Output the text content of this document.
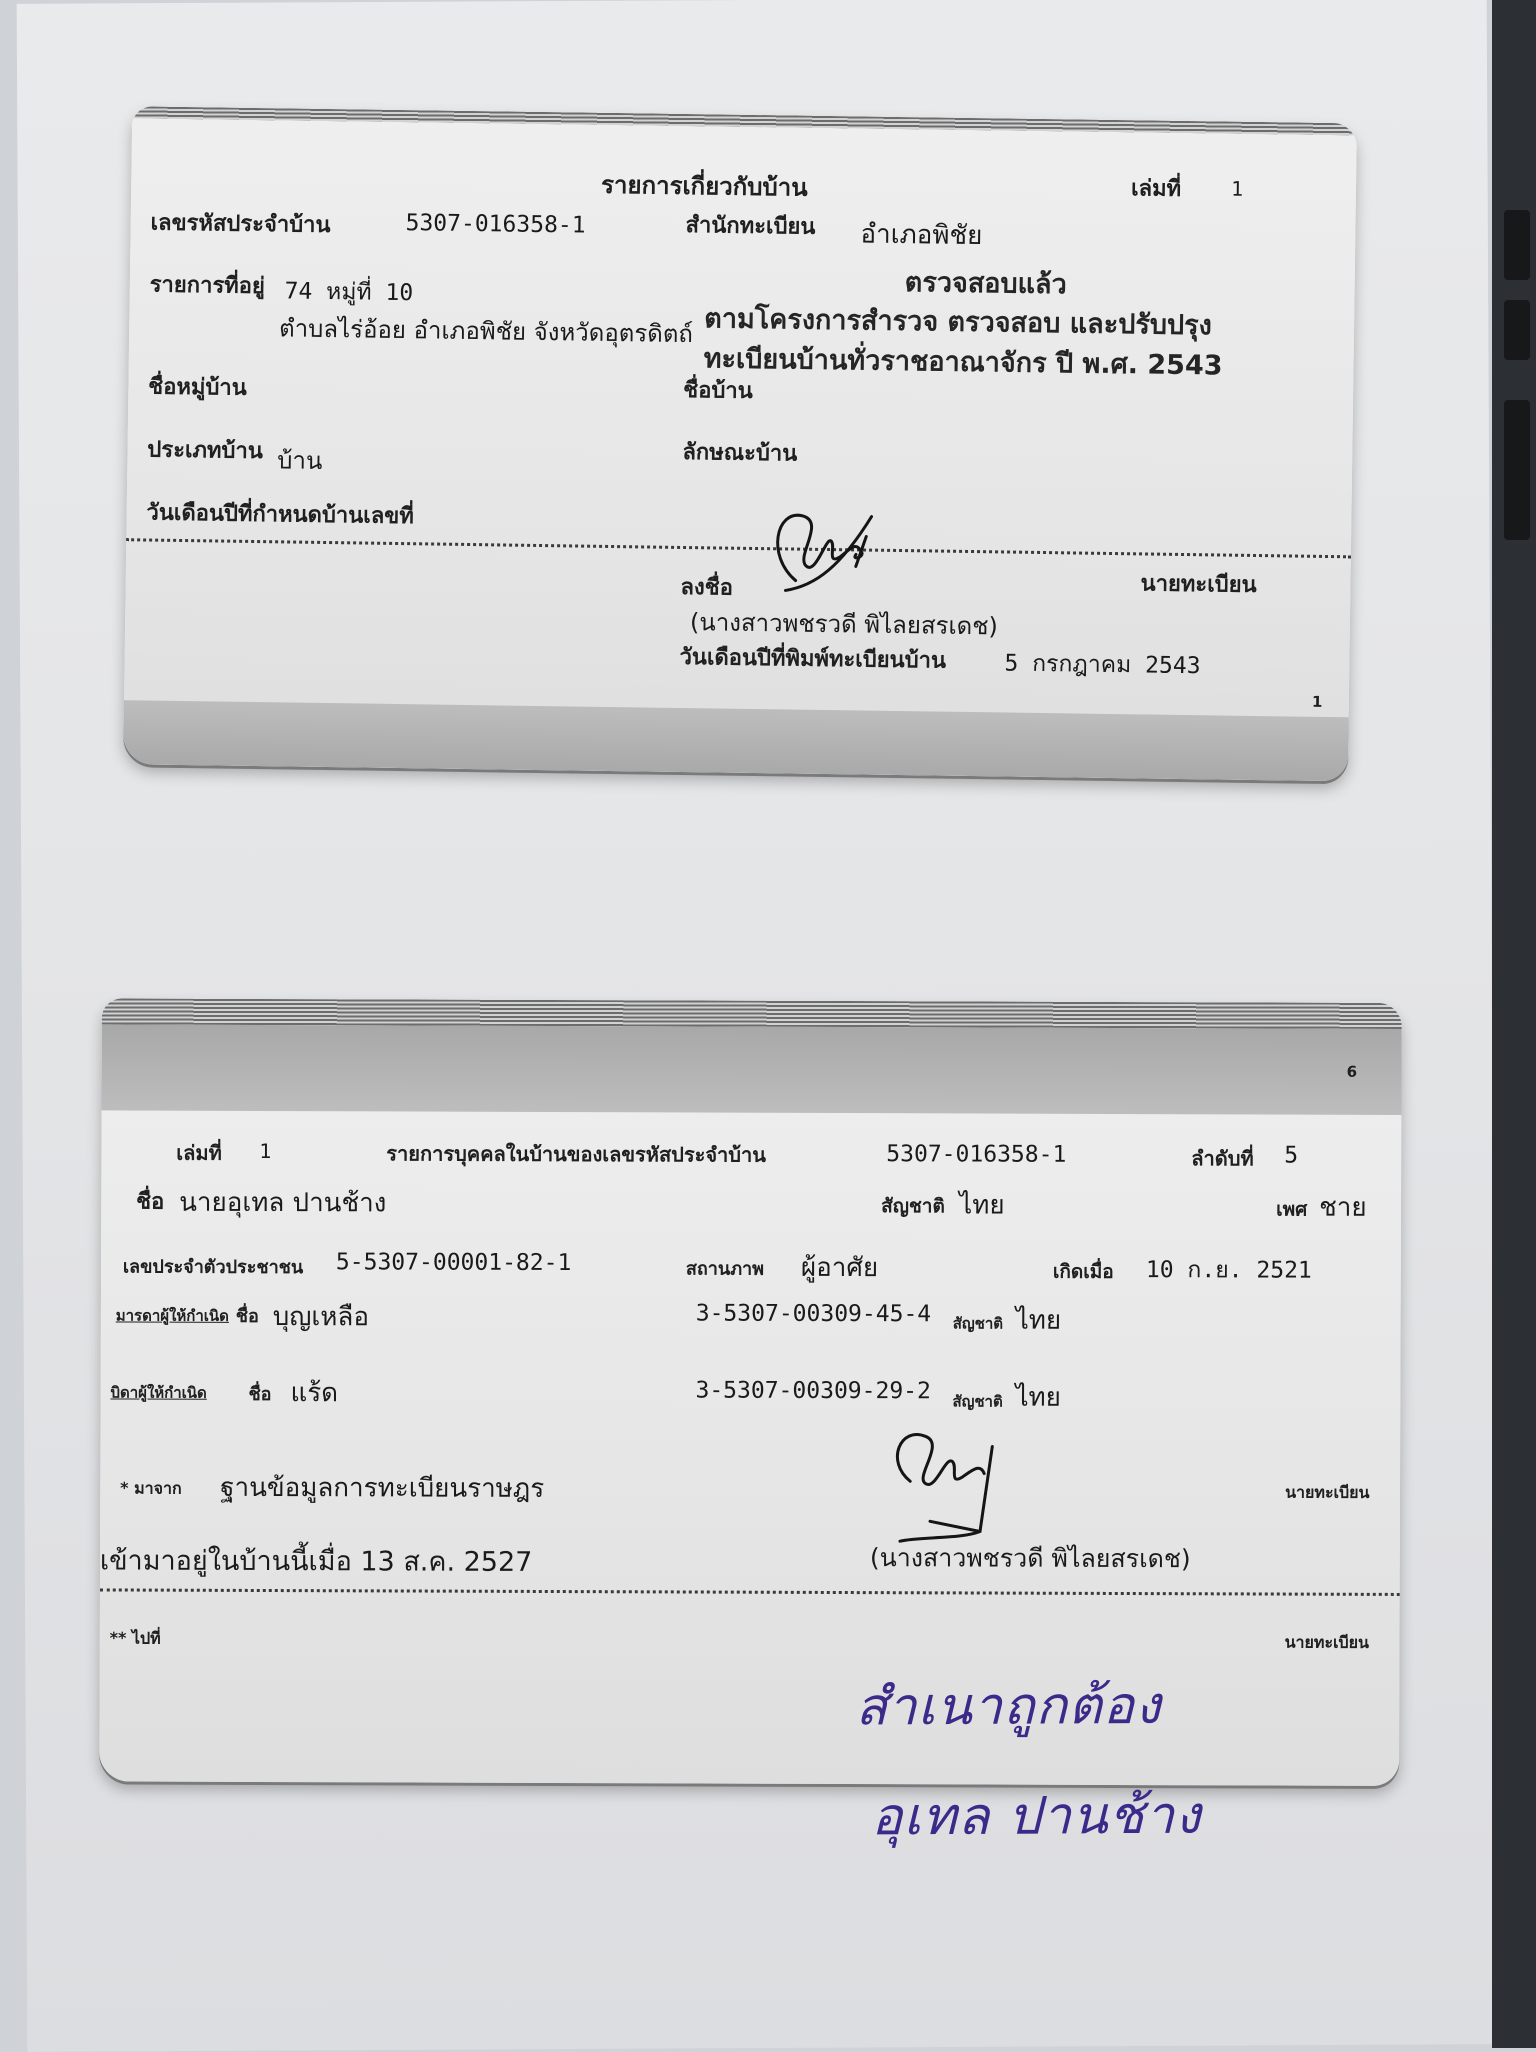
รายการเกี่ยวกับบ้าน	เล่มที่ 1
เลขรหัสประจำบ้าน	5307-016358-1	สำนักทะเบียน อำเภอพิชัย
รายการที่อยู่ 74 หมู่ที่ 10
ตำบลไร่อ้อย อำเภอพิชัย จังหวัดอุตรดิตถ์
ตรวจสอบแล้ว
ตามโครงการสำรวจ ตรวจสอบ และปรับปรุง
ทะเบียนบ้านทั่วราชอาณาจักร ปี พ.ศ. 2543
ชื่อหมู่บ้าน	ชื่อบ้าน
ประเภทบ้าน บ้าน	ลักษณะบ้าน
วันเดือนปีที่กำหนดบ้านเลขที่
ลงชื่อ	นายทะเบียน
(นางสาวพชรวดี พิไลยสรเดช)
วันเดือนปีที่พิมพ์ทะเบียนบ้าน	5 กรกฎาคม 2543
1
6
เล่มที่ 1	รายการบุคคลในบ้านของเลขรหัสประจำบ้าน	5307-016358-1	ลำดับที่ 5
ชื่อ นายอุเทล ปานช้าง	สัญชาติ ไทย	เพศ ชาย
เลขประจำตัวประชาชน 5-5307-00001-82-1	สถานภาพ ผู้อาศัย	เกิดเมื่อ 10 ก.ย. 2521
มารดาผู้ให้กำเนิด ชื่อ บุญเหลือ	3-5307-00309-45-4 สัญชาติ ไทย
บิดาผู้ให้กำเนิด ชื่อ แร้ด	3-5307-00309-29-2 สัญชาติ ไทย
* มาจาก ฐานข้อมูลการทะเบียนราษฎร	นายทะเบียน
เข้ามาอยู่ในบ้านนี้เมื่อ 13 ส.ค. 2527	(นางสาวพชรวดี พิไลยสรเดช)
** ไปที่	นายทะเบียน
สำเนาถูกต้อง
อุเทล ปานช้าง
